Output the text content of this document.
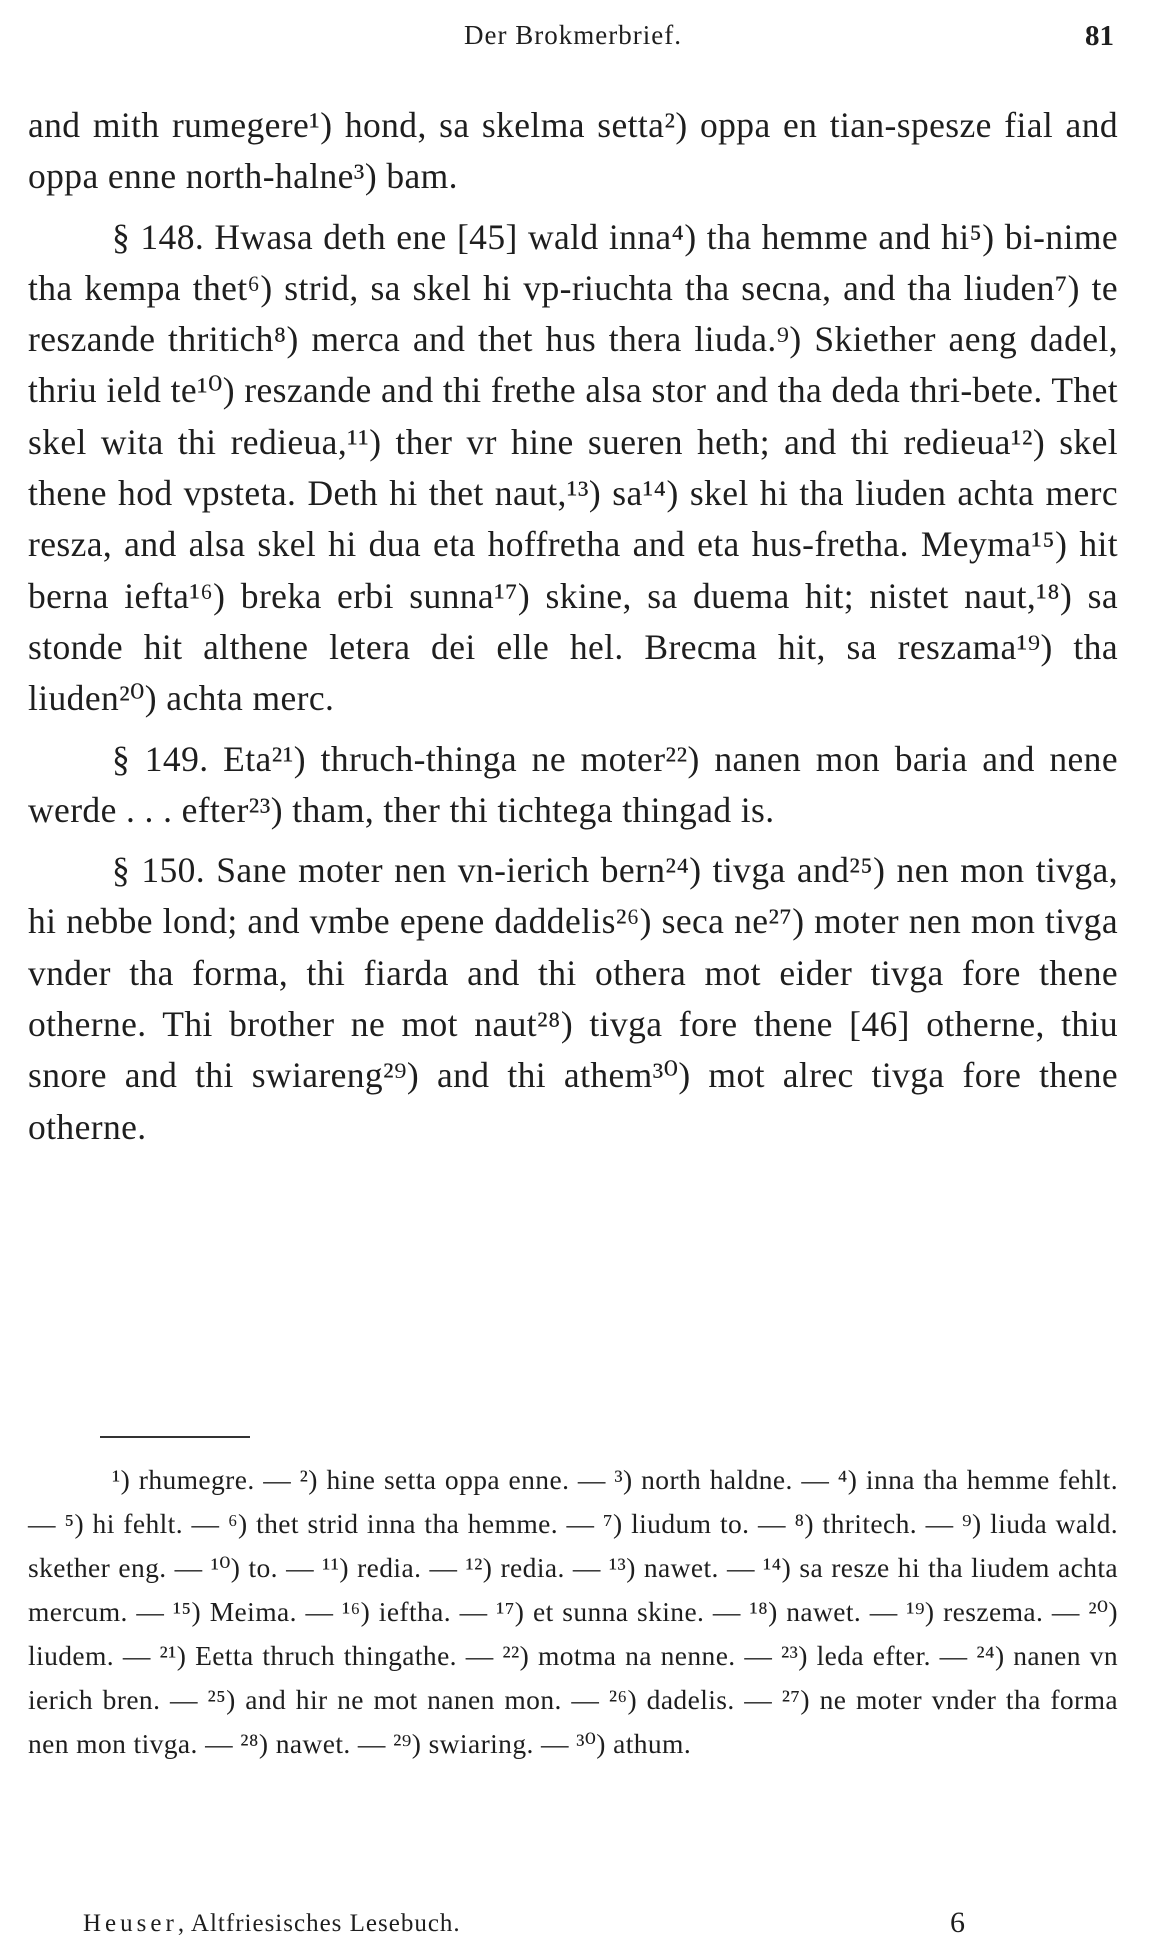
Der Brokmerbrief.	81

and mith rumegere¹) hond, sa skelma setta²) oppa en tian-spesze fial and oppa enne north-halne³) bam.

§ 148. Hwasa deth ene [45] wald inna⁴) tha hemme and hi⁵) bi-nime tha kempa thet⁶) strid, sa skel hi vp-riuchta tha secna, and tha liuden⁷) te reszande thritich⁸) merca and thet hus thera liuda.⁹) Skiether aeng dadel, thriu ield te¹⁰) reszande and thi frethe alsa stor and tha deda thri-bete. Thet skel wita thi redieua,¹¹) ther vr hine sueren heth; and thi redieua¹²) skel thene hod vpsteta. Deth hi thet naut,¹³) sa¹⁴) skel hi tha liuden achta merc resza, and alsa skel hi dua eta hoffretha and eta hus-fretha. Meyma¹⁵) hit berna iefta¹⁶) breka erbi sunna¹⁷) skine, sa duema hit; nistet naut,¹⁸) sa stonde hit althene letera dei elle hel. Brecma hit, sa reszama¹⁹) tha liuden²⁰) achta merc.

§ 149. Eta²¹) thruch-thinga ne moter²²) nanen mon baria and nene werde . . . efter²³) tham, ther thi tichtega thingad is.

§ 150. Sane moter nen vn-ierich bern²⁴) tivga and²⁵) nen mon tivga, hi nebbe lond; and vmbe epene daddelis²⁶) seca ne²⁷) moter nen mon tivga vnder tha forma, thi fiarda and thi othera mot eider tivga fore thene otherne. Thi brother ne mot naut²⁸) tivga fore thene [46] otherne, thiu snore and thi swiareng²⁹) and thi athem³⁰) mot alrec tivga fore thene otherne.

¹) rhumegre. — ²) hine setta oppa enne. — ³) north haldne. — ⁴) inna tha hemme fehlt. — ⁵) hi fehlt. — ⁶) thet strid inna tha hemme. — ⁷) liudum to. — ⁸) thritech. — ⁹) liuda wald. skether eng. — ¹⁰) to. — ¹¹) redia. — ¹²) redia. — ¹³) nawet. — ¹⁴) sa resze hi tha liudem achta mercum. — ¹⁵) Meima. — ¹⁶) ieftha. — ¹⁷) et sunna skine. — ¹⁸) nawet. — ¹⁹) reszema. — ²⁰) liudem. — ²¹) Eetta thruch thingathe. — ²²) motma na nenne. — ²³) leda efter. — ²⁴) nanen vn ierich bren. — ²⁵) and hir ne mot nanen mon. — ²⁶) dadelis. — ²⁷) ne moter vnder tha forma nen mon tivga. — ²⁸) nawet. — ²⁹) swiaring. — ³⁰) athum.

Heuser, Altfriesisches Lesebuch.	6
